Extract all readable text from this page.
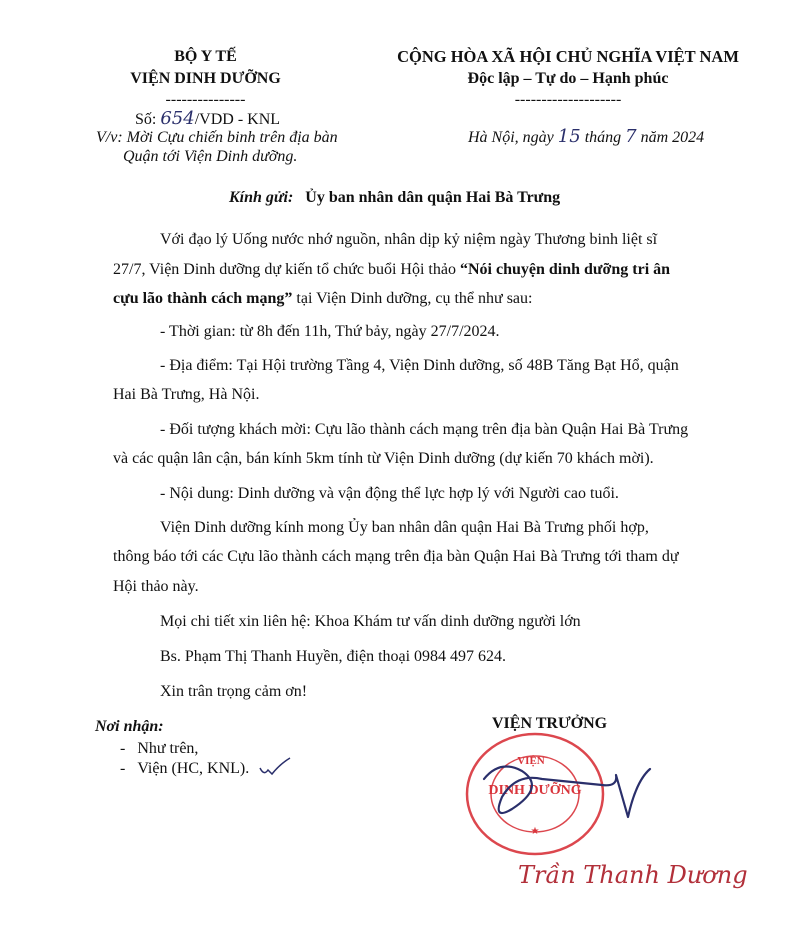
BỘ Y TẾ
VIỆN DINH DƯỠNG
---------------
Số: 654/VDD - KNL
V/v: Mời Cựu chiến binh trên địa bàn
Quận tới Viện Dinh dưỡng.
CỘNG HÒA XÃ HỘI CHỦ NGHĨA VIỆT NAM
Độc lập – Tự do – Hạnh phúc
--------------------
Hà Nội, ngày 15 tháng 7 năm 2024
Kính gửi: Ủy ban nhân dân quận Hai Bà Trưng
Với đạo lý Uống nước nhớ nguồn, nhân dịp kỷ niệm ngày Thương binh liệt sĩ
27/7, Viện Dinh dưỡng dự kiến tổ chức buổi Hội thảo “Nói chuyện dinh dưỡng tri ân
cựu lão thành cách mạng” tại Viện Dinh dưỡng, cụ thể như sau:
- Thời gian: từ 8h đến 11h, Thứ bảy, ngày 27/7/2024.
- Địa điểm: Tại Hội trường Tầng 4, Viện Dinh dưỡng, số 48B Tăng Bạt Hổ, quận
Hai Bà Trưng, Hà Nội.
- Đối tượng khách mời: Cựu lão thành cách mạng trên địa bàn Quận Hai Bà Trưng
và các quận lân cận, bán kính 5km tính từ Viện Dinh dưỡng (dự kiến 70 khách mời).
- Nội dung: Dinh dưỡng và vận động thể lực hợp lý với Người cao tuổi.
Viện Dinh dưỡng kính mong Ủy ban nhân dân quận Hai Bà Trưng phối hợp,
thông báo tới các Cựu lão thành cách mạng trên địa bàn Quận Hai Bà Trưng tới tham dự
Hội thảo này.
Mọi chi tiết xin liên hệ: Khoa Khám tư vấn dinh dưỡng người lớn
Bs. Phạm Thị Thanh Huyền, điện thoại 0984 497 624.
Xin trân trọng cảm ơn!
Nơi nhận:
-   Như trên,
-   Viện (HC, KNL).
VIỆN TRƯỞNG
VIỆN
DINH DƯỠNG
★
Trần Thanh Dương
